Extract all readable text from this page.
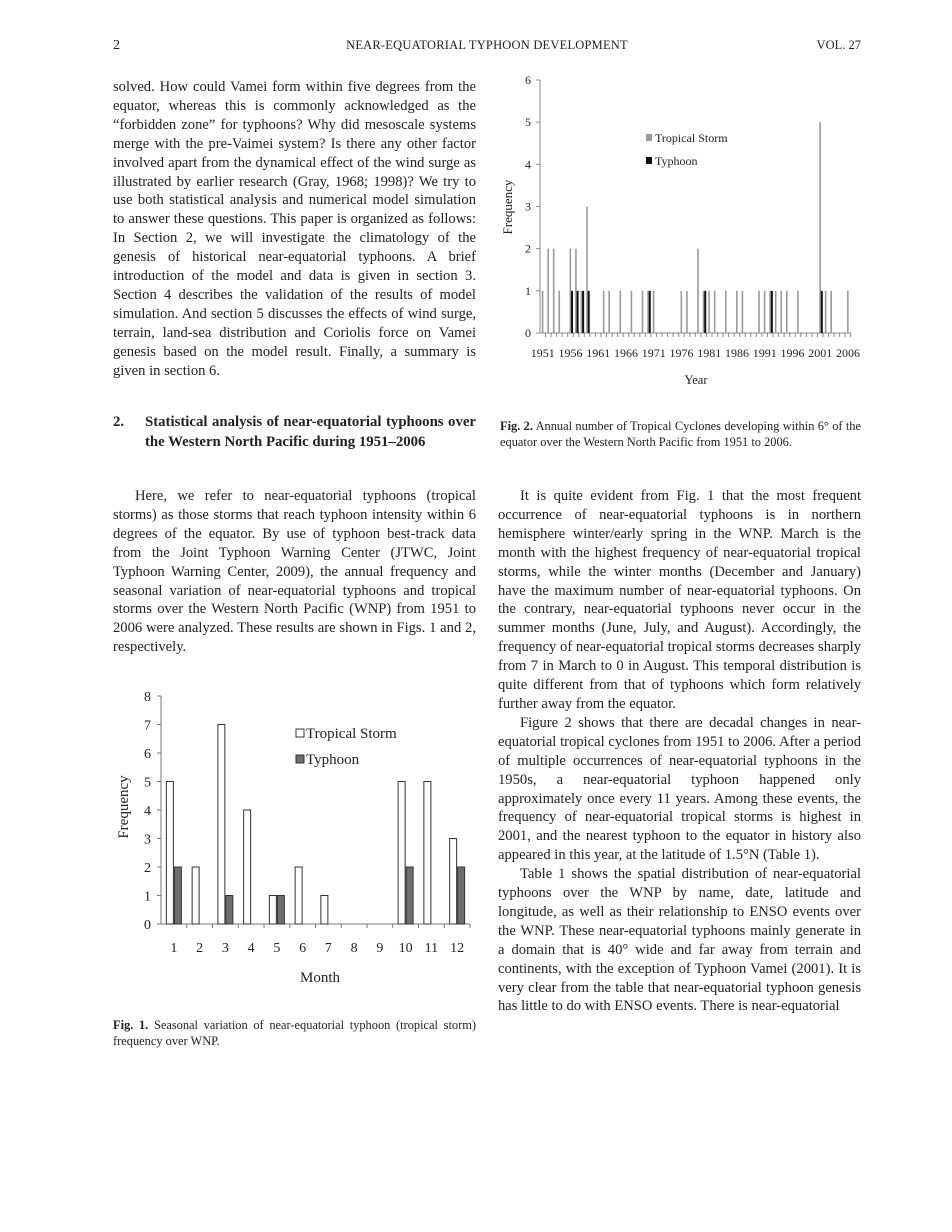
2	NEAR-EQUATORIAL TYPHOON DEVELOPMENT	VOL. 27

solved. How could Vamei form within five degrees from the equator, whereas this is commonly acknowledged as the “forbidden zone” for typhoons? Why did mesoscale systems merge with the pre-Vaimei system? Is there any other factor involved apart from the dynamical effect of the wind surge as illustrated by earlier research (Gray, 1968; 1998)? We try to use both statistical analysis and numerical model simulation to answer these questions. This paper is organized as follows: In Section 2, we will investigate the climatology of the genesis of historical near-equatorial typhoons. A brief introduction of the model and data is given in section 3. Section 4 describes the validation of the results of model simulation. And section 5 discusses the effects of wind surge, terrain, land-sea distribution and Coriolis force on Vamei genesis based on the model result. Finally, a summary is given in section 6.

2. Statistical analysis of near-equatorial typhoons over the Western North Pacific during 1951–2006

Here, we refer to near-equatorial typhoons (tropical storms) as those storms that reach typhoon intensity within 6 degrees of the equator. By use of typhoon best-track data from the Joint Typhoon Warning Center (JTWC, Joint Typhoon Warning Center, 2009), the annual frequency and seasonal variation of near-equatorial typhoons and tropical storms over the Western North Pacific (WNP) from 1951 to 2006 were analyzed. These results are shown in Figs. 1 and 2, respectively.

0
1
2
3
4
5
6
7
8
1 2 3 4 5 6 7 8 9 10 11 12
Month
Frequency
Tropical Storm
Typhoon
Fig. 1. Seasonal variation of near-equatorial typhoon (tropical storm) frequency over WNP.
0
1
2
3
4
5
6
1951 1956 1961 1966 1971 1976 1981 1986 1991 1996 2001 2006
Year
Frequency
Tropical Storm
Typhoon
Fig. 2. Annual number of Tropical Cyclones developing within 6° of the equator over the Western North Pacific from 1951 to 2006.

It is quite evident from Fig. 1 that the most frequent occurrence of near-equatorial typhoons is in northern hemisphere winter/early spring in the WNP. March is the month with the highest frequency of near-equatorial tropical storms, while the winter months (December and January) have the maximum number of near-equatorial typhoons. On the contrary, near-equatorial typhoons never occur in the summer months (June, July, and August). Accordingly, the frequency of near-equatorial tropical storms decreases sharply from 7 in March to 0 in August. This temporal distribution is quite different from that of typhoons which form relatively further away from the equator.

Figure 2 shows that there are decadal changes in near-equatorial tropical cyclones from 1951 to 2006. After a period of multiple occurrences of near-equatorial typhoons in the 1950s, a near-equatorial typhoon happened only approximately once every 11 years. Among these events, the frequency of near-equatorial tropical storms is highest in 2001, and the nearest typhoon to the equator in history also appeared in this year, at the latitude of 1.5°N (Table 1).

Table 1 shows the spatial distribution of near-equatorial typhoons over the WNP by name, date, latitude and longitude, as well as their relationship to ENSO events over the WNP. These near-equatorial typhoons mainly generate in a domain that is 40° wide and far away from terrain and continents, with the exception of Typhoon Vamei (2001). It is very clear from the table that near-equatorial typhoon genesis has little to do with ENSO events. There is near-equatorial
